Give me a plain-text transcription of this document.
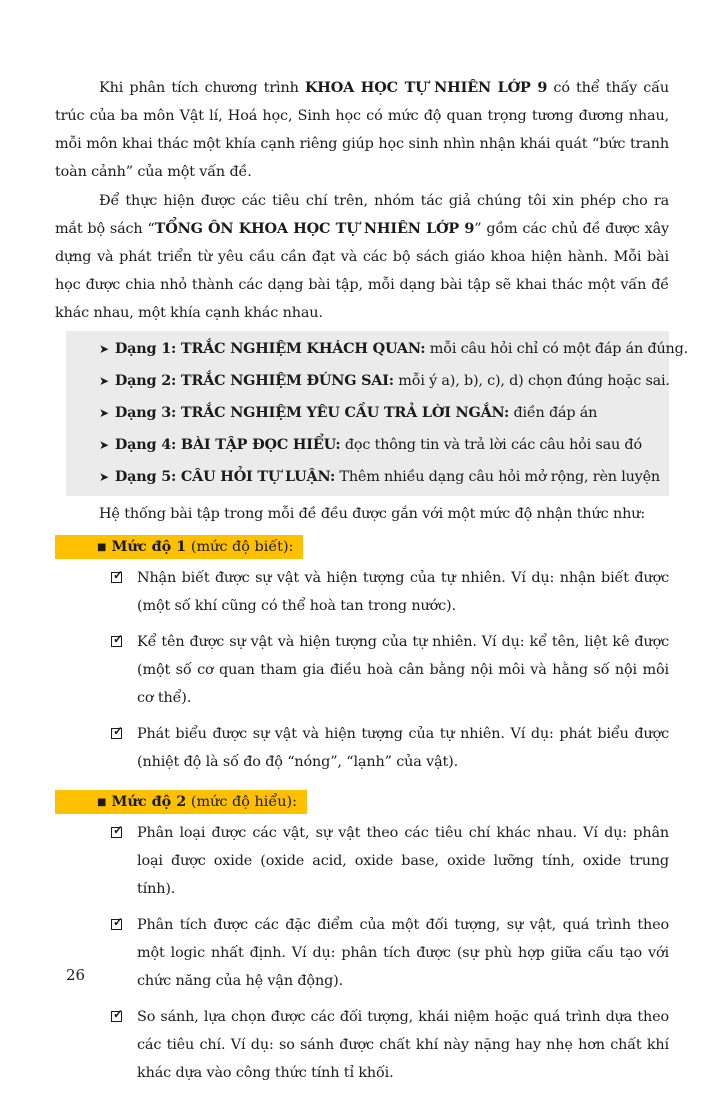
Khi phân tích chương trình KHOA HỌC TỰ NHIÊN LỚP 9 có thể thấy cấu trúc của ba môn Vật lí, Hoá học, Sinh học có mức độ quan trọng tương đương nhau, mỗi môn khai thác một khía cạnh riêng giúp học sinh nhìn nhận khái quát “bức tranh toàn cảnh” của một vấn đề.

Để thực hiện được các tiêu chí trên, nhóm tác giả chúng tôi xin phép cho ra mắt bộ sách “TỔNG ÔN KHOA HỌC TỰ NHIÊN LỚP 9” gồm các chủ đề được xây dựng và phát triển từ yêu cầu cần đạt và các bộ sách giáo khoa hiện hành. Mỗi bài học được chia nhỏ thành các dạng bài tập, mỗi dạng bài tập sẽ khai thác một vấn đề khác nhau, một khía cạnh khác nhau.

➤ Dạng 1: TRẮC NGHIỆM KHÁCH QUAN: mỗi câu hỏi chỉ có một đáp án đúng.
➤ Dạng 2: TRẮC NGHIỆM ĐÚNG SAI: mỗi ý a), b), c), d) chọn đúng hoặc sai.
➤ Dạng 3: TRẮC NGHIỆM YÊU CẦU TRẢ LỜI NGẮN: điền đáp án
➤ Dạng 4: BÀI TẬP ĐỌC HIỂU: đọc thông tin và trả lời các câu hỏi sau đó
➤ Dạng 5: CÂU HỎI TỰ LUẬN: Thêm nhiều dạng câu hỏi mở rộng, rèn luyện

Hệ thống bài tập trong mỗi đề đều được gắn với một mức độ nhận thức như:

■ Mức độ 1 (mức độ biết):
✓ Nhận biết được sự vật và hiện tượng của tự nhiên. Ví dụ: nhận biết được (một số khí cũng có thể hoà tan trong nước).
✓ Kể tên được sự vật và hiện tượng của tự nhiên. Ví dụ: kể tên, liệt kê được (một số cơ quan tham gia điều hoà cân bằng nội môi và hằng số nội môi cơ thể).
✓ Phát biểu được sự vật và hiện tượng của tự nhiên. Ví dụ: phát biểu được (nhiệt độ là số đo độ “nóng”, “lạnh” của vật).
■ Mức độ 2 (mức độ hiểu):
✓ Phân loại được các vật, sự vật theo các tiêu chí khác nhau. Ví dụ: phân loại được oxide (oxide acid, oxide base, oxide lưỡng tính, oxide trung tính).
✓ Phân tích được các đặc điểm của một đối tượng, sự vật, quá trình theo một logic nhất định. Ví dụ: phân tích được (sự phù hợp giữa cấu tạo với chức năng của hệ vận động).
✓ So sánh, lựa chọn được các đối tượng, khái niệm hoặc quá trình dựa theo các tiêu chí. Ví dụ: so sánh được chất khí này nặng hay nhẹ hơn chất khí khác dựa vào công thức tính tỉ khối.
26
